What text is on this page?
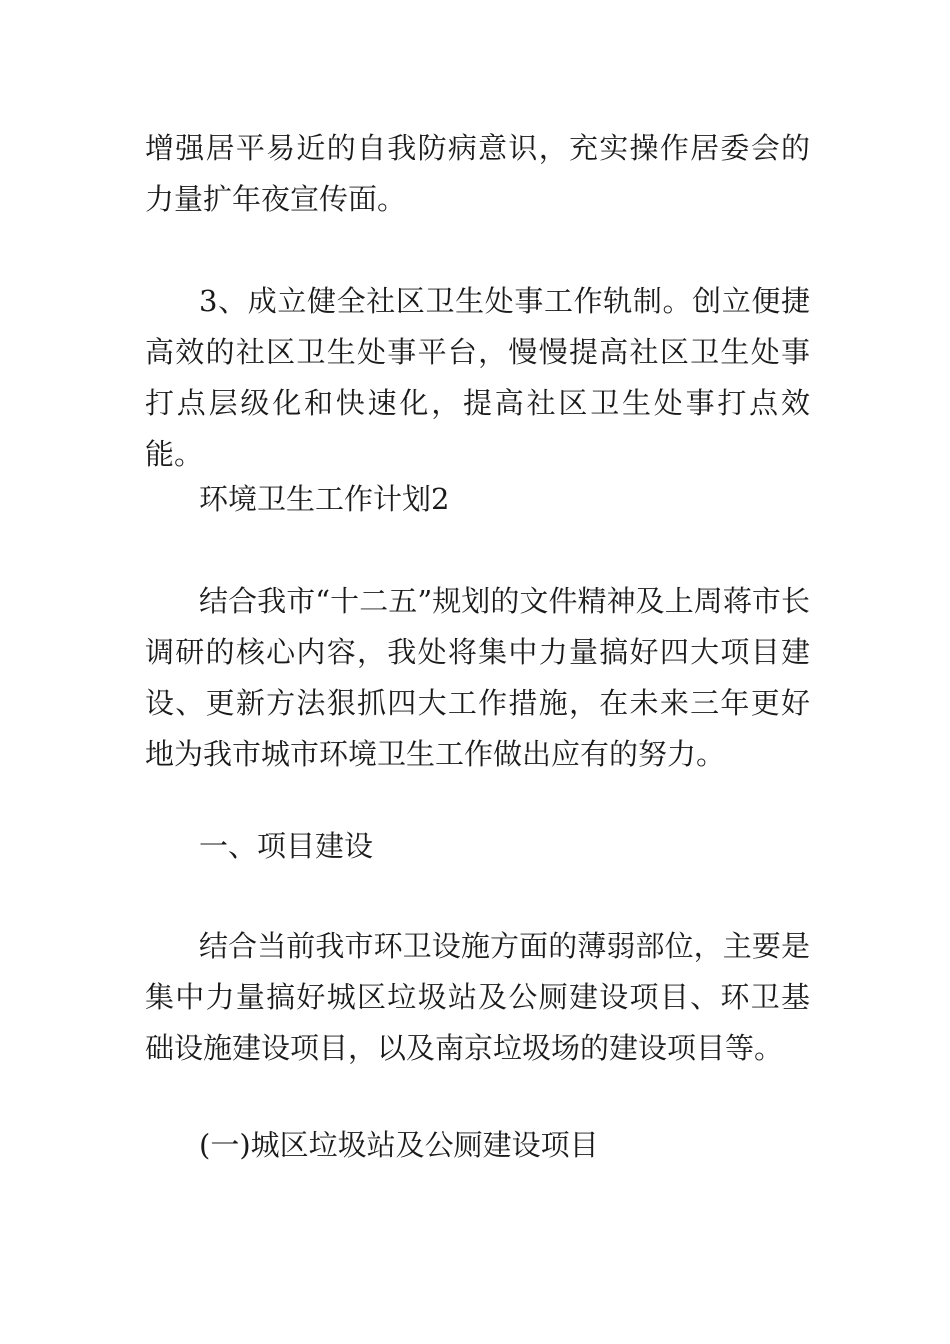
增强居平易近的自我防病意识，充实操作居委会的力量扩年夜宣传面。

3、成立健全社区卫生处事工作轨制。创立便捷高效的社区卫生处事平台，慢慢提高社区卫生处事打点层级化和快速化，提高社区卫生处事打点效能。

环境卫生工作计划2

结合我市“十二五”规划的文件精神及上周蒋市长调研的核心内容，我处将集中力量搞好四大项目建设、更新方法狠抓四大工作措施，在未来三年更好地为我市城市环境卫生工作做出应有的努力。

一、项目建设

结合当前我市环卫设施方面的薄弱部位，主要是集中力量搞好城区垃圾站及公厕建设项目、环卫基础设施建设项目，以及南京垃圾场的建设项目等。

(一)城区垃圾站及公厕建设项目
